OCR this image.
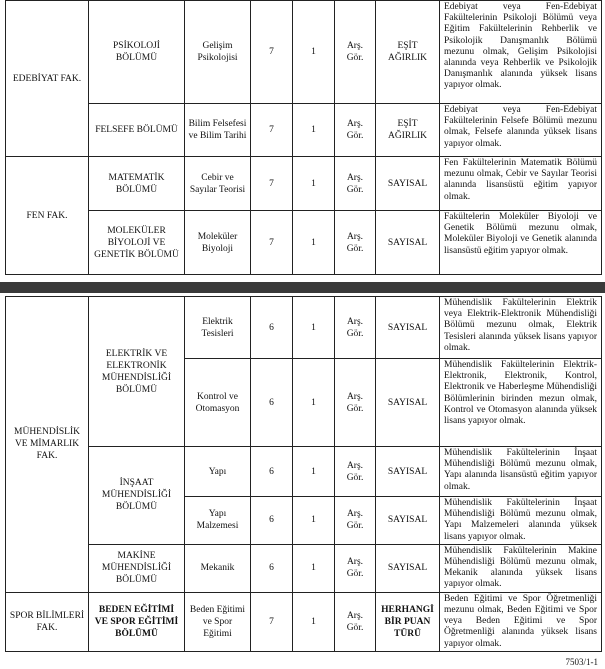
EDEBİYAT FAK.	PSİKOLOJİ BÖLÜMÜ	Gelişim Psikolojisi	7	1	Arş. Gör.	EŞİT AĞIRLIK	Edebiyat veya Fen-Edebiyat Fakültelerinin Psikoloji Bölümü veya Eğitim Fakültelerinin Rehberlik ve Psikolojik Danışmanlık Bölümü mezunu olmak, Gelişim Psikolojisi alanında veya Rehberlik ve Psikolojik Danışmanlık alanında yüksek lisans yapıyor olmak.
	FELSEFE BÖLÜMÜ	Bilim Felsefesi ve Bilim Tarihi	7	1	Arş. Gör.	EŞİT AĞIRLIK	Edebiyat veya Fen-Edebiyat Fakültelerinin Felsefe Bölümü mezunu olmak, Felsefe alanında yüksek lisans yapıyor olmak.
FEN FAK.	MATEMATİK BÖLÜMÜ	Cebir ve Sayılar Teorisi	7	1	Arş. Gör.	SAYISAL	Fen Fakültelerinin Matematik Bölümü mezunu olmak, Cebir ve Sayılar Teorisi alanında lisansüstü eğitim yapıyor olmak.
	MOLEKÜLER BİYOLOJİ VE GENETİK BÖLÜMÜ	Moleküler Biyoloji	7	1	Arş. Gör.	SAYISAL	Fakültelerin Moleküler Biyoloji ve Genetik Bölümü mezunu olmak, Moleküler Biyoloji ve Genetik alanında lisansüstü eğitim yapıyor olmak.
MÜHENDİSLİK VE MİMARLIK FAK.	ELEKTRİK VE ELEKTRONİK MÜHENDİSLİĞİ BÖLÜMÜ	Elektrik Tesisleri	6	1	Arş. Gör.	SAYISAL	Mühendislik Fakültelerinin Elektrik veya Elektrik-Elektronik Mühendisliği Bölümü mezunu olmak, Elektrik Tesisleri alanında yüksek lisans yapıyor olmak.
		Kontrol ve Otomasyon	6	1	Arş. Gör.	SAYISAL	Mühendislik Fakültelerinin Elektrik-Elektronik, Elektronik, Kontrol, Elektronik ve Haberleşme Mühendisliği Bölümlerinin birinden mezun olmak, Kontrol ve Otomasyon alanında yüksek lisans yapıyor olmak.
	İNŞAAT MÜHENDİSLİĞİ BÖLÜMÜ	Yapı	6	1	Arş. Gör.	SAYISAL	Mühendislik Fakültelerinin İnşaat Mühendisliği Bölümü mezunu olmak, Yapı alanında lisansüstü eğitim yapıyor olmak.
		Yapı Malzemesi	6	1	Arş. Gör.	SAYISAL	Mühendislik Fakültelerinin İnşaat Mühendisliği Bölümü mezunu olmak, Yapı Malzemeleri alanında yüksek lisans yapıyor olmak.
	MAKİNE MÜHENDİSLİĞİ BÖLÜMÜ	Mekanik	6	1	Arş. Gör.	SAYISAL	Mühendislik Fakültelerinin Makine Mühendisliği Bölümü mezunu olmak, Mekanik alanında yüksek lisans yapıyor olmak.
SPOR BİLİMLERİ FAK.	BEDEN EĞİTİMİ VE SPOR EĞİTİMİ BÖLÜMÜ	Beden Eğitimi ve Spor Eğitimi	7	1	Arş. Gör.	HERHANGİ BİR PUAN TÜRÜ	Beden Eğitimi ve Spor Öğretmenliği mezunu olmak, Beden Eğitimi ve Spor veya Beden Eğitimi ve Spor Öğretmenliği alanında yüksek lisans yapıyor olmak.
7503/1-1
